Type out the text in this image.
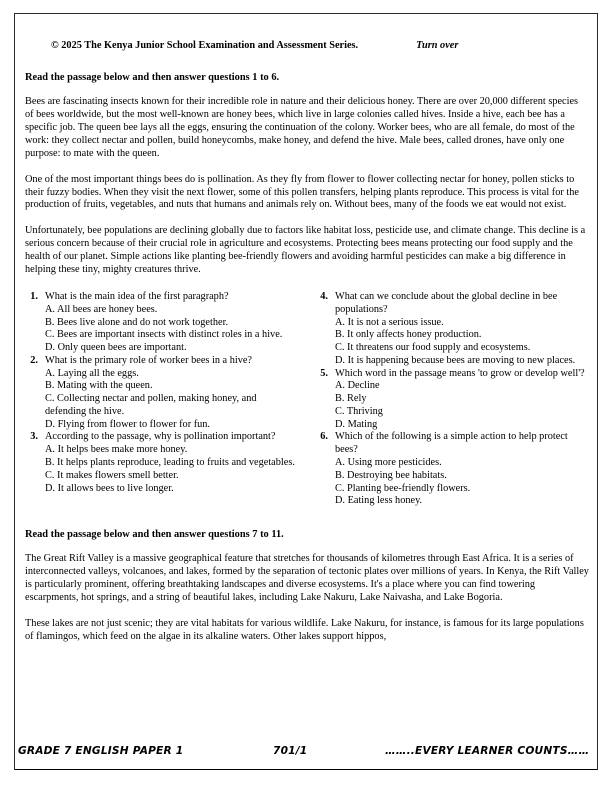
© 2025 The Kenya Junior School Examination and Assessment Series.	Turn over
Read the passage below and then answer questions 1 to 6.
Bees are fascinating insects known for their incredible role in nature and their delicious honey. There are over 20,000 different species of bees worldwide, but the most well-known are honey bees, which live in large colonies called hives. Inside a hive, each bee has a specific job. The queen bee lays all the eggs, ensuring the continuation of the colony. Worker bees, who are all female, do most of the work: they collect nectar and pollen, build honeycombs, make honey, and defend the hive. Male bees, called drones, have only one purpose: to mate with the queen.
One of the most important things bees do is pollination. As they fly from flower to flower collecting nectar for honey, pollen sticks to their fuzzy bodies. When they visit the next flower, some of this pollen transfers, helping plants reproduce. This process is vital for the production of fruits, vegetables, and nuts that humans and animals rely on. Without bees, many of the foods we eat would not exist.
Unfortunately, bee populations are declining globally due to factors like habitat loss, pesticide use, and climate change. This decline is a serious concern because of their crucial role in agriculture and ecosystems. Protecting bees means protecting our food supply and the health of our planet. Simple actions like planting bee-friendly flowers and avoiding harmful pesticides can make a big difference in helping these tiny, mighty creatures thrive.
1. What is the main idea of the first paragraph?
A. All bees are honey bees.
B. Bees live alone and do not work together.
C. Bees are important insects with distinct roles in a hive.
D. Only queen bees are important.
2. What is the primary role of worker bees in a hive?
A. Laying all the eggs.
B. Mating with the queen.
C. Collecting nectar and pollen, making honey, and defending the hive.
D. Flying from flower to flower for fun.
3. According to the passage, why is pollination important?
A. It helps bees make more honey.
B. It helps plants reproduce, leading to fruits and vegetables.
C. It makes flowers smell better.
D. It allows bees to live longer.
4. What can we conclude about the global decline in bee populations?
A. It is not a serious issue.
B. It only affects honey production.
C. It threatens our food supply and ecosystems.
D. It is happening because bees are moving to new places.
5. Which word in the passage means 'to grow or develop well'?
A. Decline
B. Rely
C. Thriving
D. Mating
6. Which of the following is a simple action to help protect bees?
A. Using more pesticides.
B. Destroying bee habitats.
C. Planting bee-friendly flowers.
D. Eating less honey.
Read the passage below and then answer questions 7 to 11.
The Great Rift Valley is a massive geographical feature that stretches for thousands of kilometres through East Africa. It is a series of interconnected valleys, volcanoes, and lakes, formed by the separation of tectonic plates over millions of years. In Kenya, the Rift Valley is particularly prominent, offering breathtaking landscapes and diverse ecosystems. It's a place where you can find towering escarpments, hot springs, and a string of beautiful lakes, including Lake Nakuru, Lake Naivasha, and Lake Bogoria.
These lakes are not just scenic; they are vital habitats for various wildlife. Lake Nakuru, for instance, is famous for its large populations of flamingos, which feed on the algae in its alkaline waters. Other lakes support hippos,
GRADE 7 ENGLISH PAPER 1	701/1	……..EVERY LEARNER COUNTS……
